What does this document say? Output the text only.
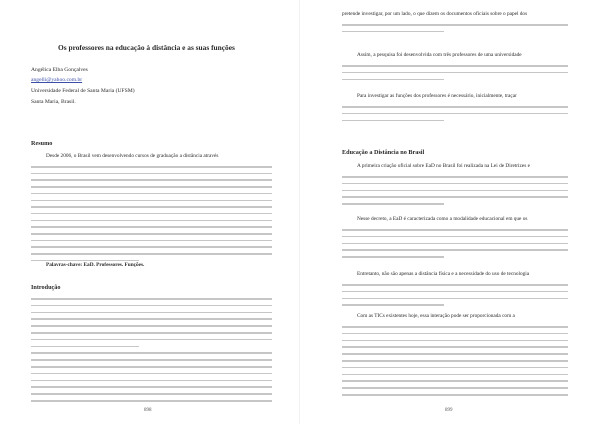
Os professores na educação à distância e as suas funções
Angélica Elba Gonçalves
angelli@yahoo.com.br
Universidade Federal de Santa Maria (UFSM)
Santa Maria, Brasil.
Resumo
Desde 2006, o Brasil vem desenvolvendo cursos de graduação a distância através
Palavras-chave: EaD. Professores. Funções.
Introdução
898
pretende investigar, por um lado, o que dizem os documentos oficiais sobre o papel dos
Assim, a pesquisa foi desenvolvida com três professores de uma universidade
Para investigar as funções dos professores é necessário, inicialmente, traçar
A primeira criação oficial sobre EaD no Brasil foi realizada na Lei de Diretrizes e
Nesse decreto, a EaD é caracterizada como a modalidade educacional em que os
Entretanto, não são apenas a distância física e a necessidade do uso de tecnologia
Com as TICs existentes hoje, essa interação pode ser proporcionada com a
Educação a Distância no Brasil
899
